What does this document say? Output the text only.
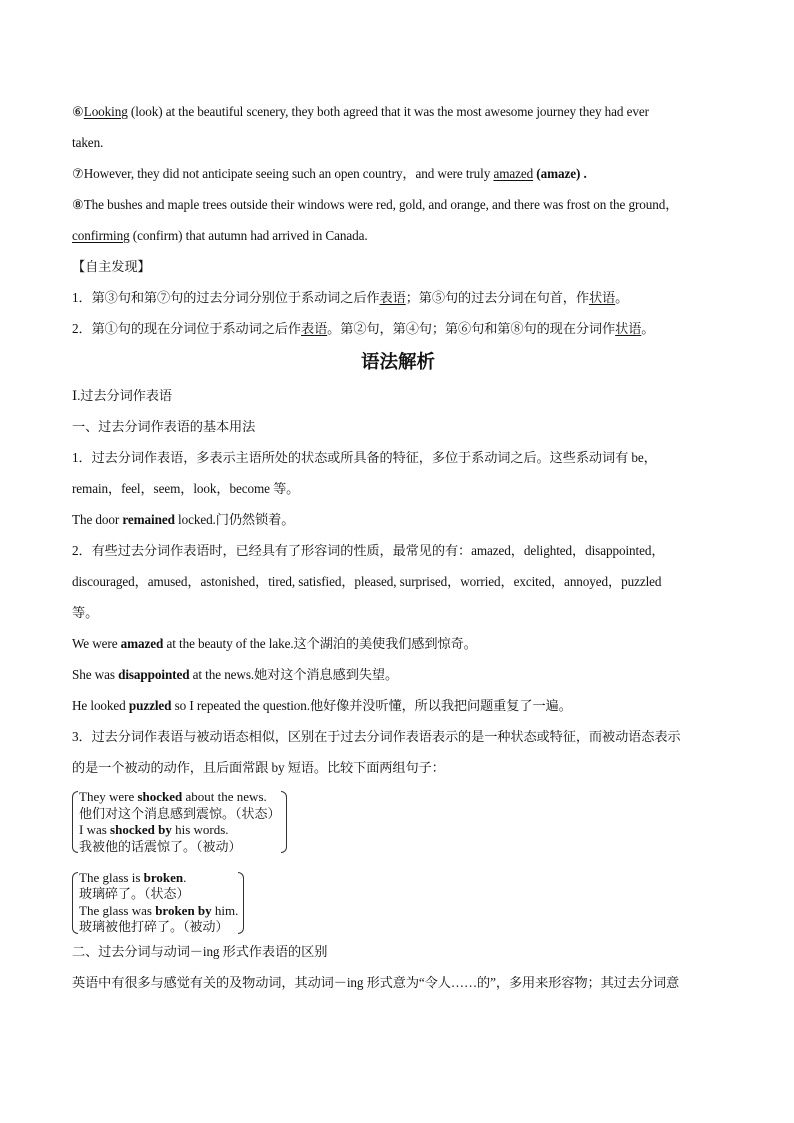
⑥Looking (look) at the beautiful scenery, they both agreed that it was the most awesome journey they had ever

taken.

⑦However, they did not anticipate seeing such an open country，and were truly amazed (amaze) .

⑧The bushes and maple trees outside their windows were red, gold, and orange, and there was frost on the ground，

confirming (confirm) that autumn had arrived in Canada.

【自主发现】

1．第③句和第⑦句的过去分词分别位于系动词之后作表语；第⑤句的过去分词在句首，作状语。

2．第①句的现在分词位于系动词之后作表语。第②句，第④句；第⑥句和第⑧句的现在分词作状语。

语法解析

Ⅰ.过去分词作表语

一、过去分词作表语的基本用法

1．过去分词作表语，多表示主语所处的状态或所具备的特征，多位于系动词之后。这些系动词有 be，

remain，feel，seem，look，become 等。

The door remained locked.门仍然锁着。

2．有些过去分词作表语时，已经具有了形容词的性质，最常见的有：amazed，delighted，disappointed，

discouraged，amused，astonished，tired, satisfied，pleased, surprised，worried，excited，annoyed，puzzled

等。

We were amazed at the beauty of the lake.这个湖泊的美使我们感到惊奇。

She was disappointed at the news.她对这个消息感到失望。

He looked puzzled so I repeated the question.他好像并没听懂，所以我把问题重复了一遍。

3．过去分词作表语与被动语态相似，区别在于过去分词作表语表示的是一种状态或特征，而被动语态表示

的是一个被动的动作，且后面常跟 by 短语。比较下面两组句子：

They were shocked about the news.

他们对这个消息感到震惊。（状态）

I was shocked by his words.

我被他的话震惊了。（被动）

The glass is broken.

玻璃碎了。（状态）

The glass was broken by him.

玻璃被他打碎了。（被动）

二、过去分词与动词－ing 形式作表语的区别

英语中有很多与感觉有关的及物动词，其动词－ing 形式意为“令人……的”，多用来形容物；其过去分词意
